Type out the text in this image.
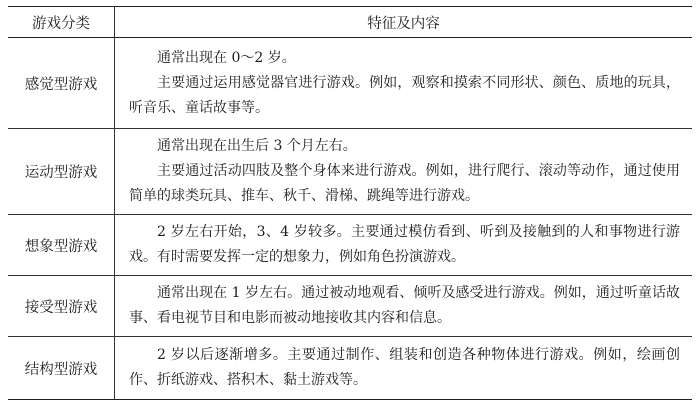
游戏分类	特征及内容
感觉型游戏	通常出现在 0～2 岁。
主要通过运用感觉器官进行游戏。例如，观察和摸索不同形状、颜色、质地的玩具，听音乐、童话故事等。

运动型游戏	通常出现在出生后 3 个月左右。
主要通过活动四肢及整个身体来进行游戏。例如，进行爬行、滚动等动作，通过使用简单的球类玩具、推车、秋千、滑梯、跳绳等进行游戏。

想象型游戏	2 岁左右开始，3、4 岁较多。主要通过模仿看到、听到及接触到的人和事物进行游戏。有时需要发挥一定的想象力，例如角色扮演游戏。

接受型游戏	通常出现在 1 岁左右。通过被动地观看、倾听及感受进行游戏。例如，通过听童话故事、看电视节目和电影而被动地接收其内容和信息。

结构型游戏	2 岁以后逐渐增多。主要通过制作、组装和创造各种物体进行游戏。例如，绘画创作、折纸游戏、搭积木、黏土游戏等。
